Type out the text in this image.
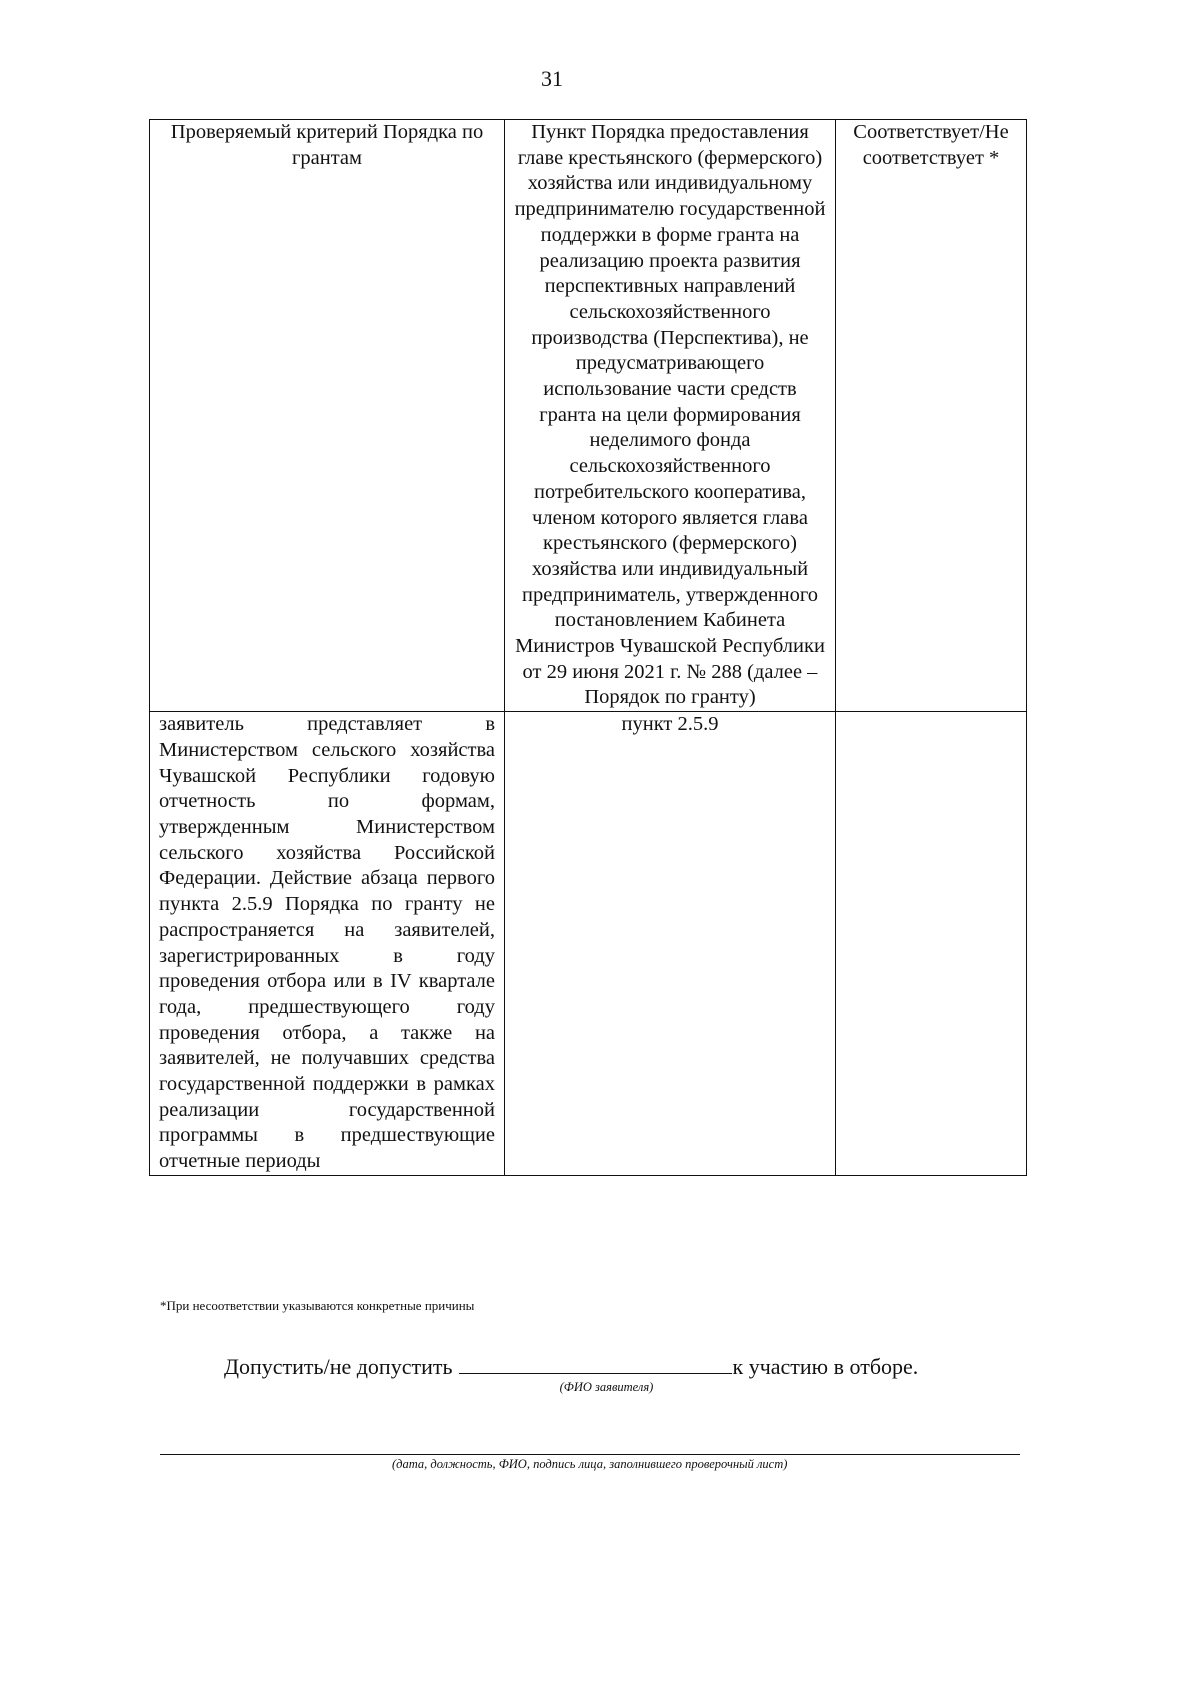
31
Проверяемый критерий Порядка по грантам	Пункт Порядка предоставления главе крестьянского (фермерского) хозяйства или индивидуальному предпринимателю государственной поддержки в форме гранта на реализацию проекта развития перспективных направлений сельскохозяйственного производства (Перспектива), не предусматривающего использование части средств гранта на цели формирования неделимого фонда сельскохозяйственного потребительского кооператива, членом которого является глава крестьянского (фермерского) хозяйства или индивидуальный предприниматель, утвержденного постановлением Кабинета Министров Чувашской Республики от 29 июня 2021 г. № 288 (далее – Порядок по гранту)	Соответствует/Не соответствует *
заявитель представляет в Министерством сельского хозяйства Чувашской Республики годовую отчетность по формам, утвержденным Министерством сельского хозяйства Российской Федерации. Действие абзаца первого пункта 2.5.9 Порядка по гранту не распространяется на заявителей, зарегистрированных в году проведения отбора или в IV квартале года, предшествующего году проведения отбора, а также на заявителей, не получавших средства государственной поддержки в рамках реализации государственной программы в предшествующие отчетные периоды	пункт 2.5.9	
*При несоответствии указываются конкретные причины
Допустить/не допустить	к участию в отборе.
(ФИО заявителя)
(дата, должность, ФИО, подпись лица, заполнившего проверочный лист)
